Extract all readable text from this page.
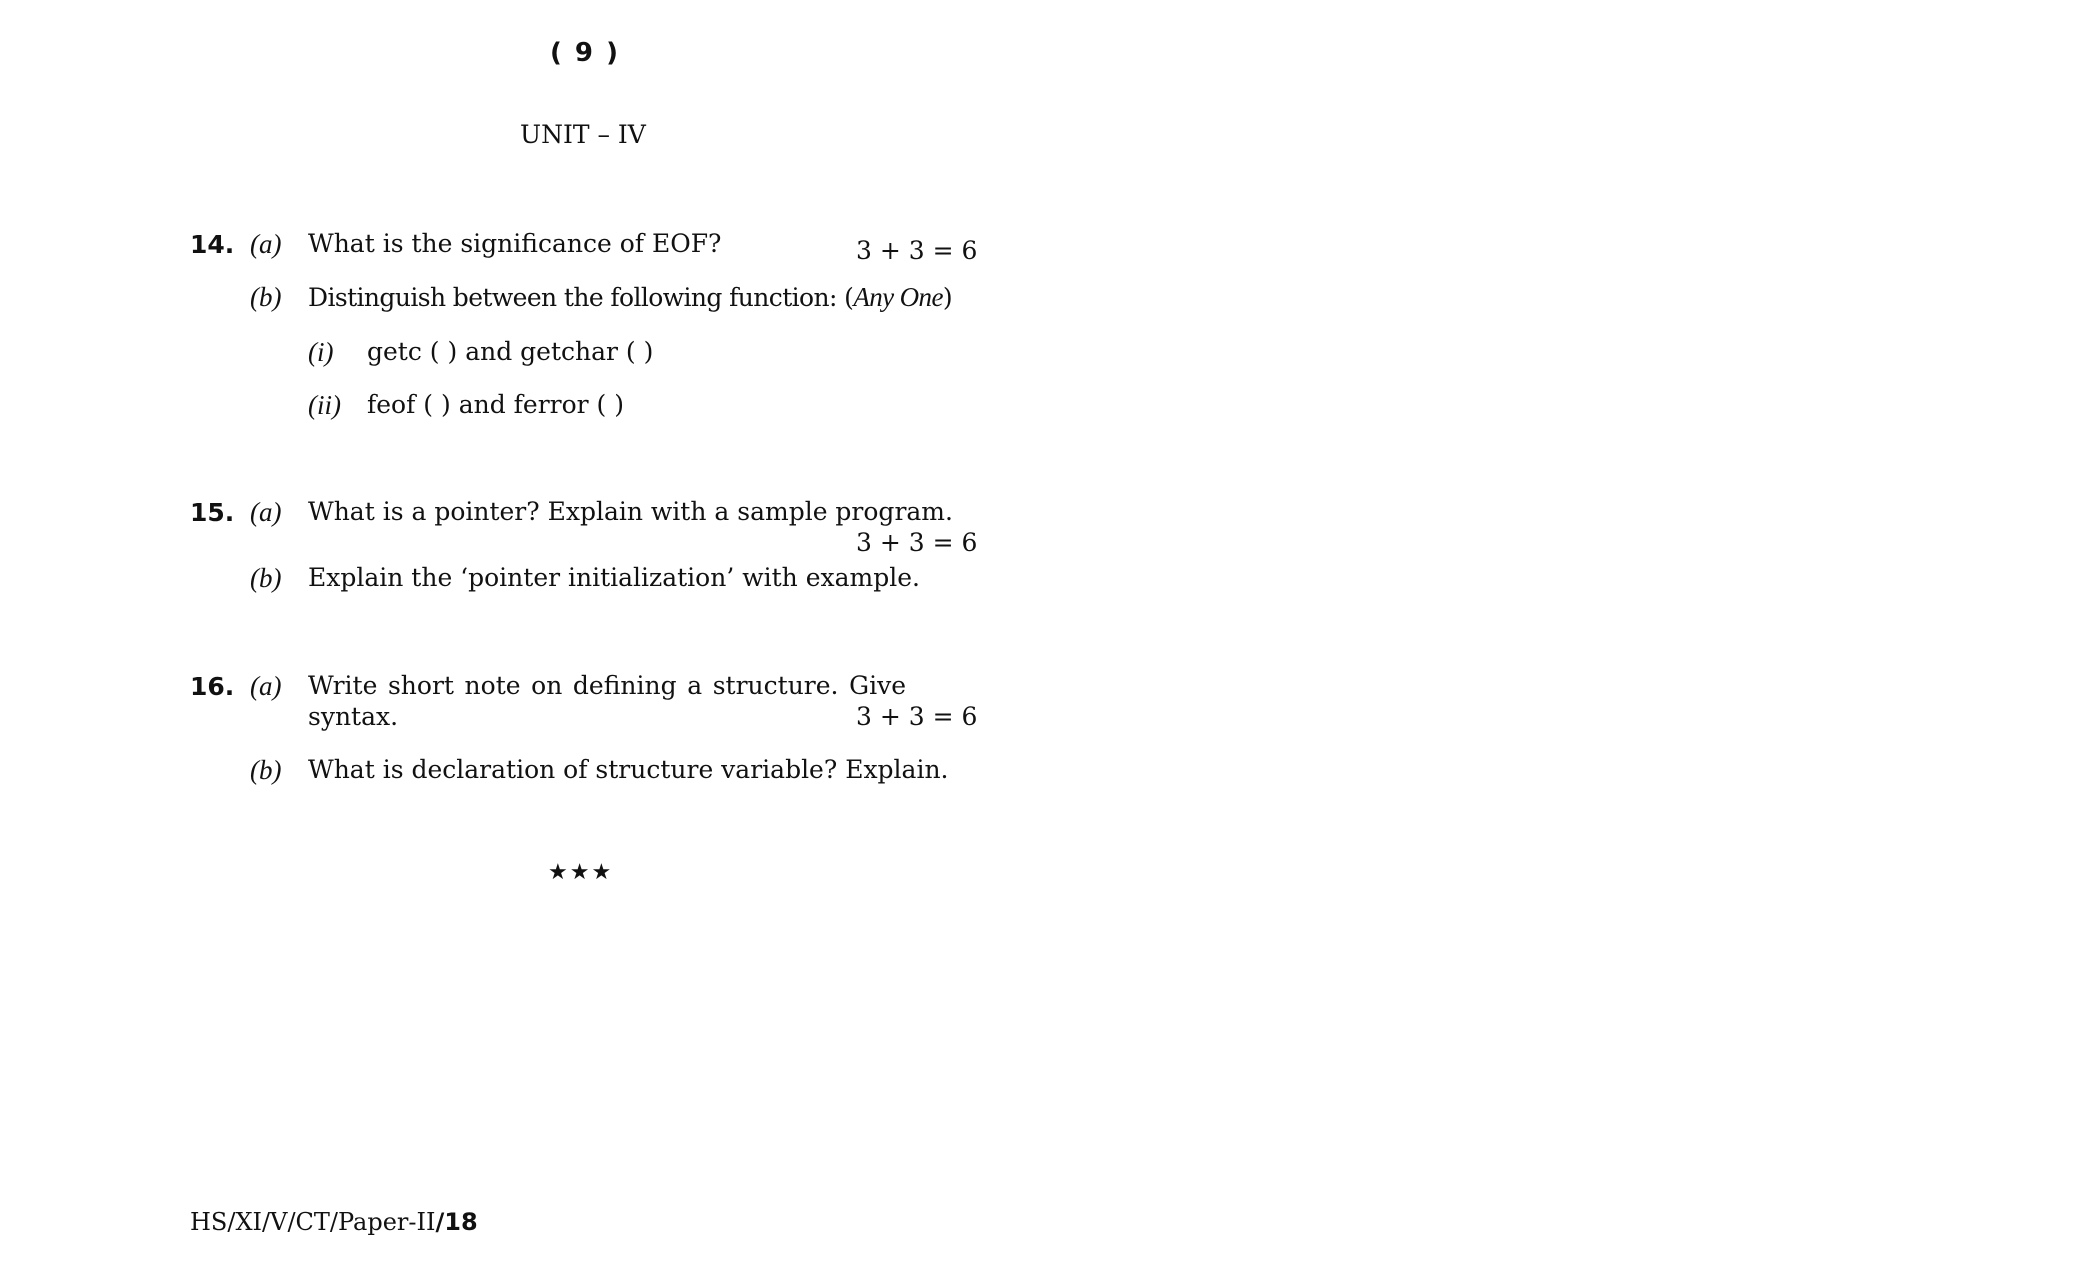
( 9 )
UNIT – IV
14. (a) What is the significance of EOF?	3 + 3 = 6
(b) Distinguish between the following function: (Any One)
(i) getc ( ) and getchar ( )
(ii) feof ( ) and ferror ( )
15. (a) What is a pointer? Explain with a sample program.
3 + 3 = 6
(b) Explain the ‘pointer initialization’ with example.
16. (a) Write short note on defining a structure. Give
syntax.	3 + 3 = 6
(b) What is declaration of structure variable? Explain.
★★★
HS/XI/V/CT/Paper-II/18
